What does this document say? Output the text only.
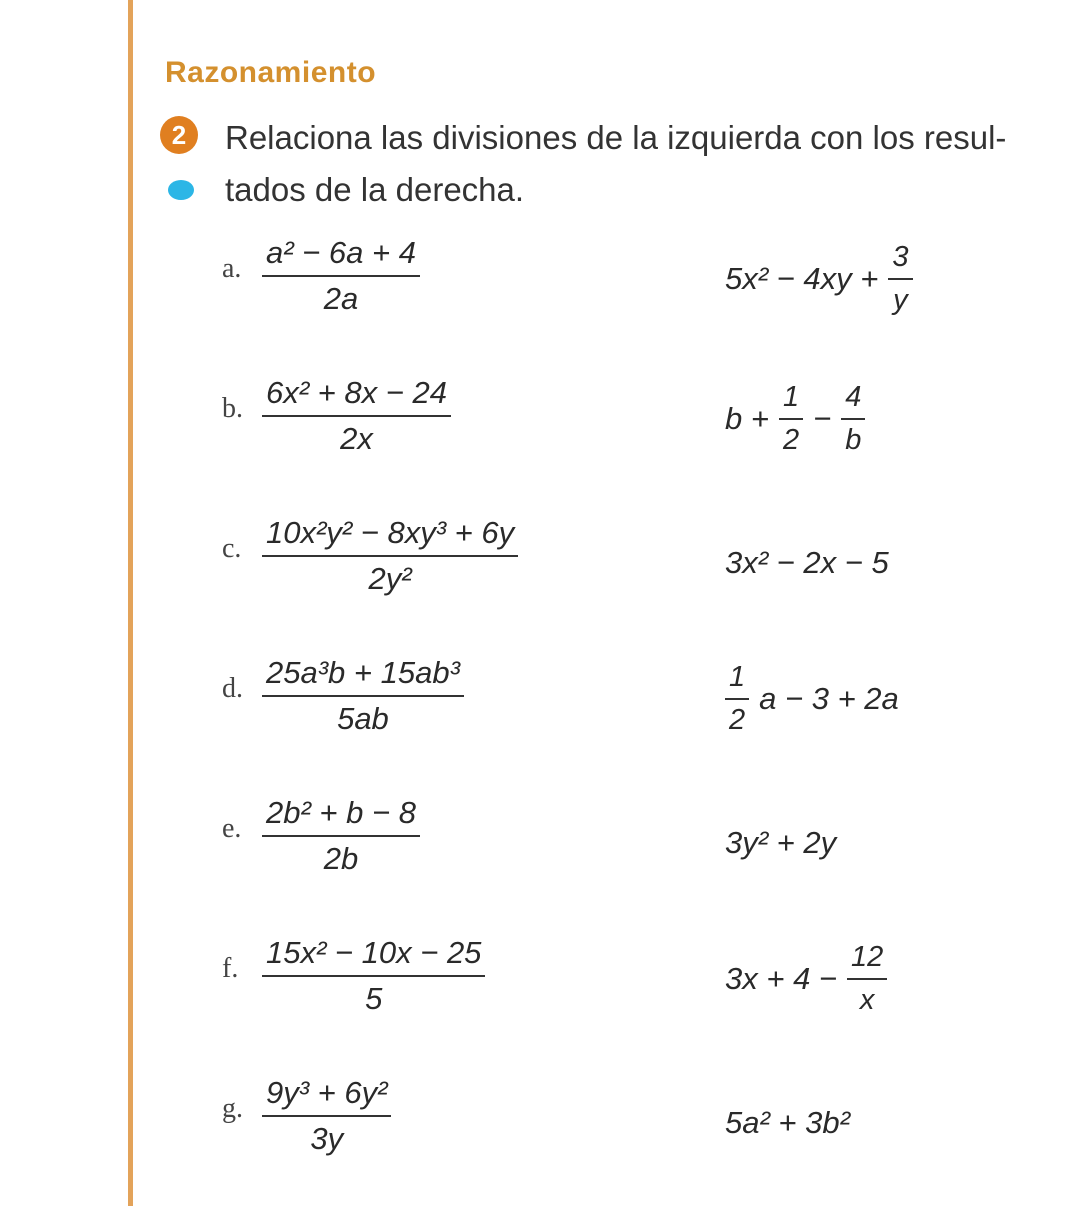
Razonamiento
2	Relaciona las divisiones de la izquierda con los resul- tados de la derecha.
a. $\frac{\text{a² − 6a + 4}}{2a}$	$5x^2 - 4xy + \frac{3}{y}$
b. $\frac{\text{6x² + 8x − 24}}{2x}$	$b + \frac{1}{2} - \frac{4}{b}$
c. $\frac{\text{10x²y² − 8xy³ + 6y}}{\text{2y²}}$	3x² − 2x − 5
d. $\frac{\text{25a³b + 15ab³}}{5ab}$	$\frac{1}{2}$ a − 3 + 2a
e. $\frac{\text{2b² + b − 8}}{2b}$	3y² + 2y
f. $\frac{\text{15x² − 10x − 25}}{5}$	$3x + 4 - \frac{12}{x}$
g. $\frac{\text{9y³ + 6y²}}{3y}$	5a² + 3b²
